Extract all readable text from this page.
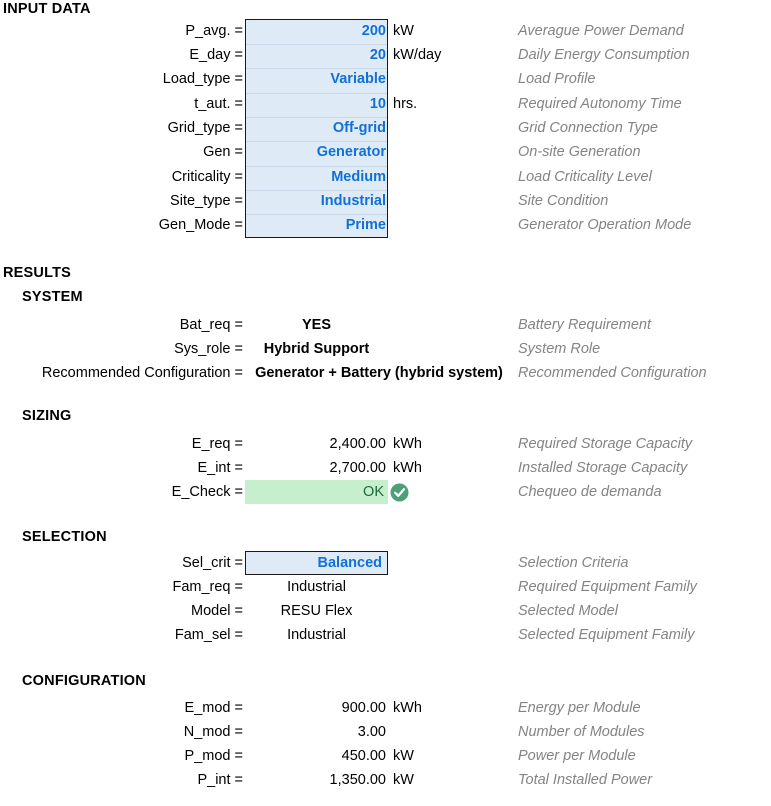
INPUT DATA
P_avg. =	200 kW	Averague Power Demand
E_day =	20 kW/day	Daily Energy Consumption
Load_type =	Variable	Load Profile
t_aut. =	10 hrs.	Required Autonomy Time
Grid_type =	Off-grid	Grid Connection Type
Gen =	Generator	On-site Generation
Criticality =	Medium	Load Criticality Level
Site_type =	Industrial	Site Condition
Gen_Mode =	Prime	Generator Operation Mode
RESULTS
SYSTEM
Bat_req =	YES	Battery Requirement
Sys_role =	Hybrid Support	System Role
Recommended Configuration = Generator + Battery (hybrid system)	Recommended Configuration
SIZING
E_req =	2,400.00 kWh	Required Storage Capacity
E_int =	2,700.00 kWh	Installed Storage Capacity
E_Check =	OK	Chequeo de demanda
SELECTION
Sel_crit =	Balanced	Selection Criteria
Fam_req =	Industrial	Required Equipment Family
Model =	RESU Flex	Selected Model
Fam_sel =	Industrial	Selected Equipment Family
CONFIGURATION
E_mod =	900.00 kWh	Energy per Module
N_mod =	3.00	Number of Modules
P_mod =	450.00 kW	Power per Module
P_int =	1,350.00 kW	Total Installed Power
